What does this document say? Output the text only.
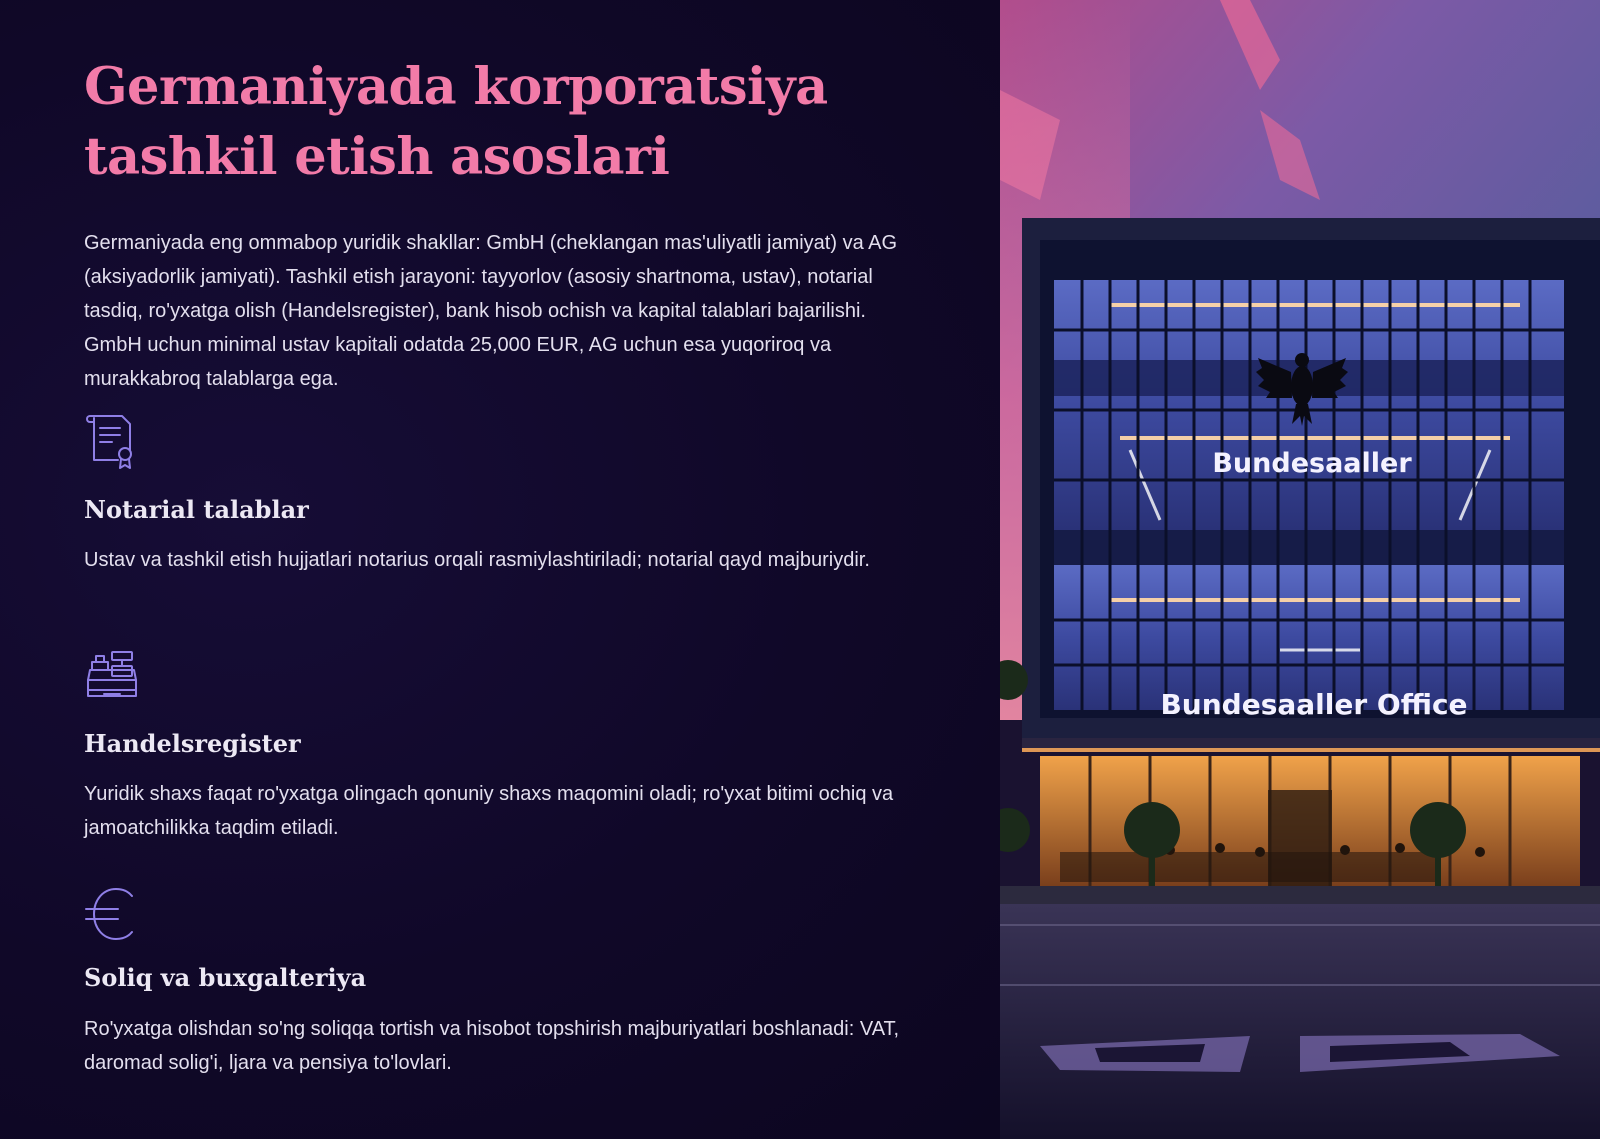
Germaniyada korporatsiya tashkil etish asoslari

Germaniyada eng ommabop yuridik shakllar: GmbH (cheklangan mas'uliyatli jamiyat) va AG (aksiyadorlik jamiyati). Tashkil etish jarayoni: tayyorlov (asosiy shartnoma, ustav), notarial tasdiq, ro'yxatga olish (Handelsregister), bank hisob ochish va kapital talablari bajarilishi. GmbH uchun minimal ustav kapitali odatda 25,000 EUR, AG uchun esa yuqoriroq va murakkabroq talablarga ega.

Notarial talablar

Ustav va tashkil etish hujjatlari notarius orqali rasmiylashtiriladi; notarial qayd majburiydir.

Handelsregister

Yuridik shaxs faqat ro'yxatga olingach qonuniy shaxs maqomini oladi; ro'yxat bitimi ochiq va jamoatchilikka taqdim etiladi.

Soliq va buxgalteriya

Ro'yxatga olishdan so'ng soliqqa tortish va hisobot topshirish majburiyatlari boshlanadi: VAT, daromad solig'i, ljara va pensiya to'lovlari.

Bundesaaller
Bundesaaller Office
